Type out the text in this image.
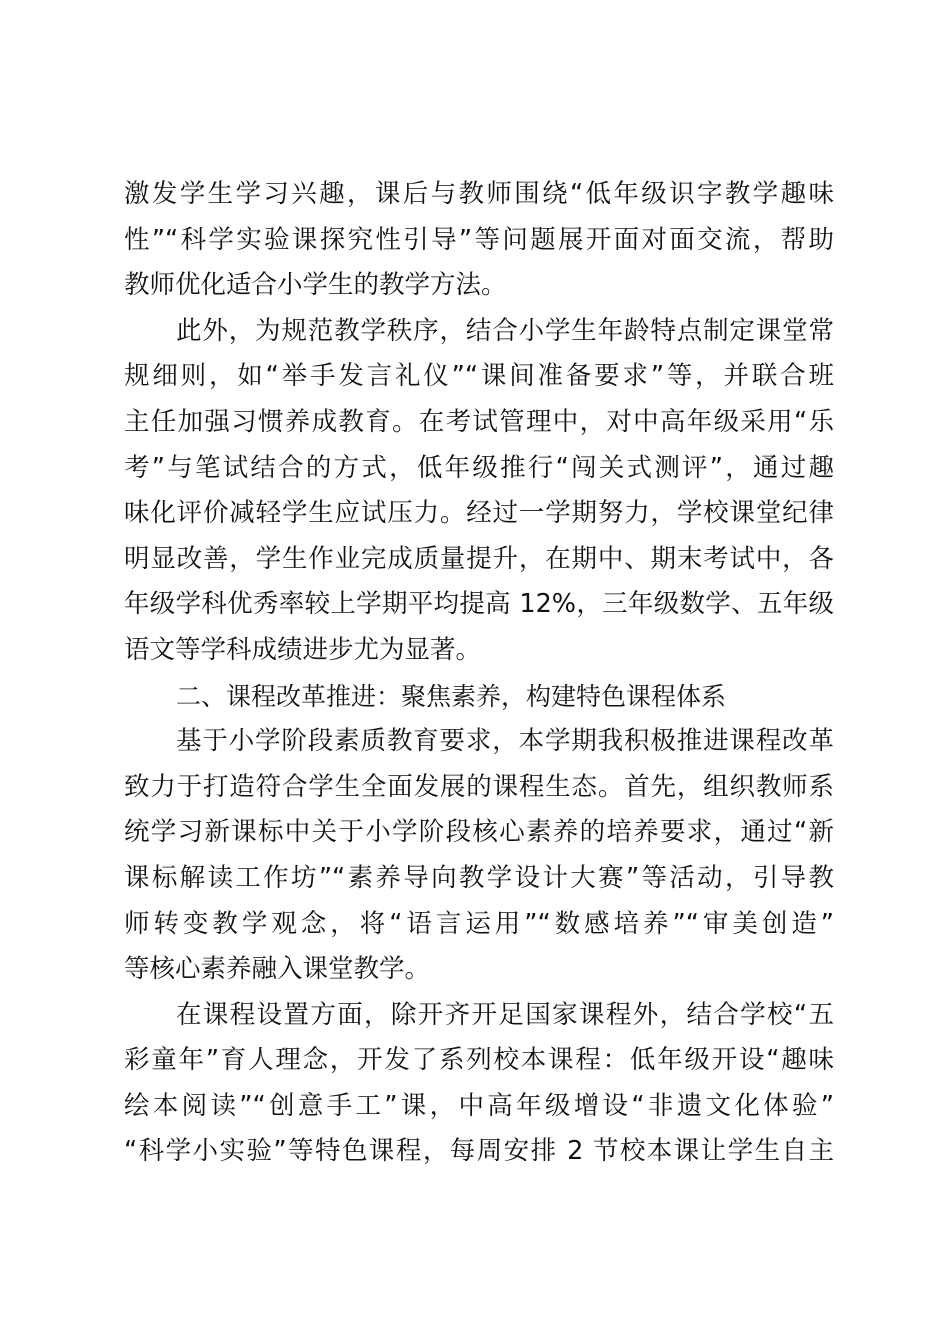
激发学生学习兴趣，课后与教师围绕“低年级识字教学趣味
性”“科学实验课探究性引导”等问题展开面对面交流，帮助
教师优化适合小学生的教学方法。
此外，为规范教学秩序，结合小学生年龄特点制定课堂常
规细则，如“举手发言礼仪”“课间准备要求”等，并联合班
主任加强习惯养成教育。在考试管理中，对中高年级采用“乐
考”与笔试结合的方式，低年级推行“闯关式测评”，通过趣
味化评价减轻学生应试压力。经过一学期努力，学校课堂纪律
明显改善，学生作业完成质量提升，在期中、期末考试中，各
年级学科优秀率较上学期平均提高 12%，三年级数学、五年级
语文等学科成绩进步尤为显著。
二、课程改革推进：聚焦素养，构建特色课程体系
基于小学阶段素质教育要求，本学期我积极推进课程改革
致力于打造符合学生全面发展的课程生态。首先，组织教师系
统学习新课标中关于小学阶段核心素养的培养要求，通过“新
课标解读工作坊”“素养导向教学设计大赛”等活动，引导教
师转变教学观念，将“语言运用”“数感培养”“审美创造”
等核心素养融入课堂教学。
在课程设置方面，除开齐开足国家课程外，结合学校“五
彩童年”育人理念，开发了系列校本课程：低年级开设“趣味
绘本阅读”“创意手工”课，中高年级增设“非遗文化体验”
“科学小实验”等特色课程，每周安排 2 节校本课让学生自主
